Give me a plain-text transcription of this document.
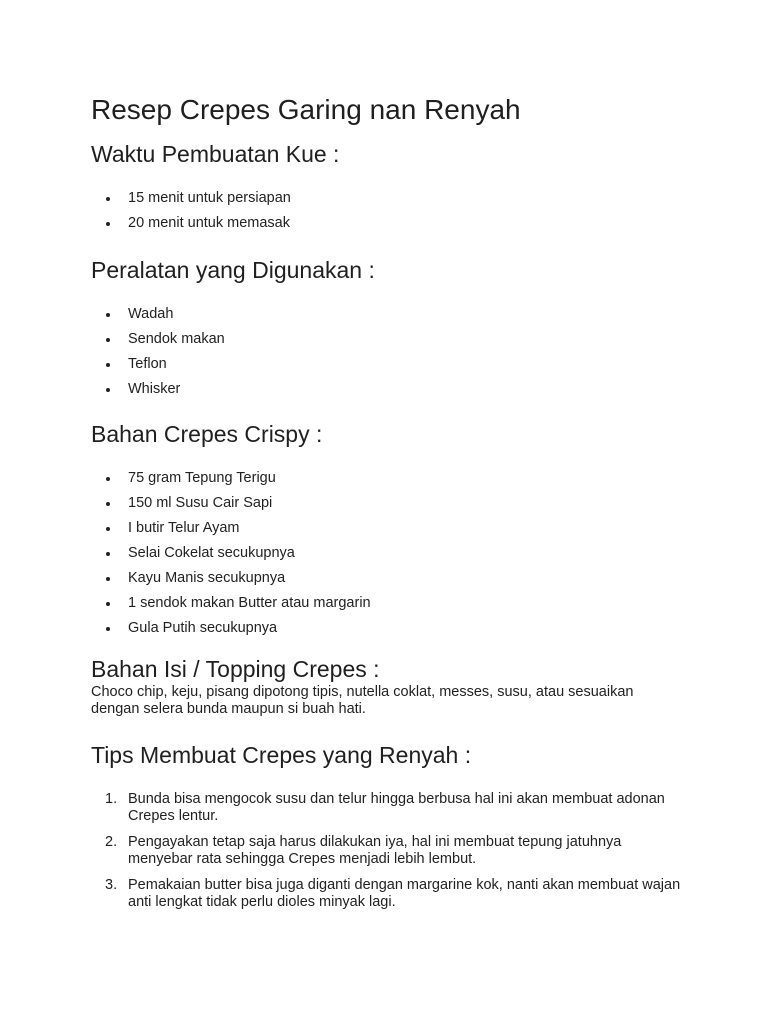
Resep Crepes Garing nan Renyah
Waktu Pembuatan Kue :
15 menit untuk persiapan
20 menit untuk memasak
Peralatan yang Digunakan :
Wadah
Sendok makan
Teflon
Whisker
Bahan Crepes Crispy :
75 gram Tepung Terigu
150 ml Susu Cair Sapi
I butir Telur Ayam
Selai Cokelat secukupnya
Kayu Manis secukupnya
1 sendok makan Butter atau margarin
Gula Putih secukupnya
Bahan Isi / Topping Crepes :

Choco chip, keju, pisang dipotong tipis, nutella coklat, messes, susu, atau sesuaikan dengan selera bunda maupun si buah hati.

Tips Membuat Crepes yang Renyah :
1. Bunda bisa mengocok susu dan telur hingga berbusa hal ini akan membuat adonan Crepes lentur.
2. Pengayakan tetap saja harus dilakukan iya, hal ini membuat tepung jatuhnya menyebar rata sehingga Crepes menjadi lebih lembut.
3. Pemakaian butter bisa juga diganti dengan margarine kok, nanti akan membuat wajan anti lengkat tidak perlu dioles minyak lagi.
